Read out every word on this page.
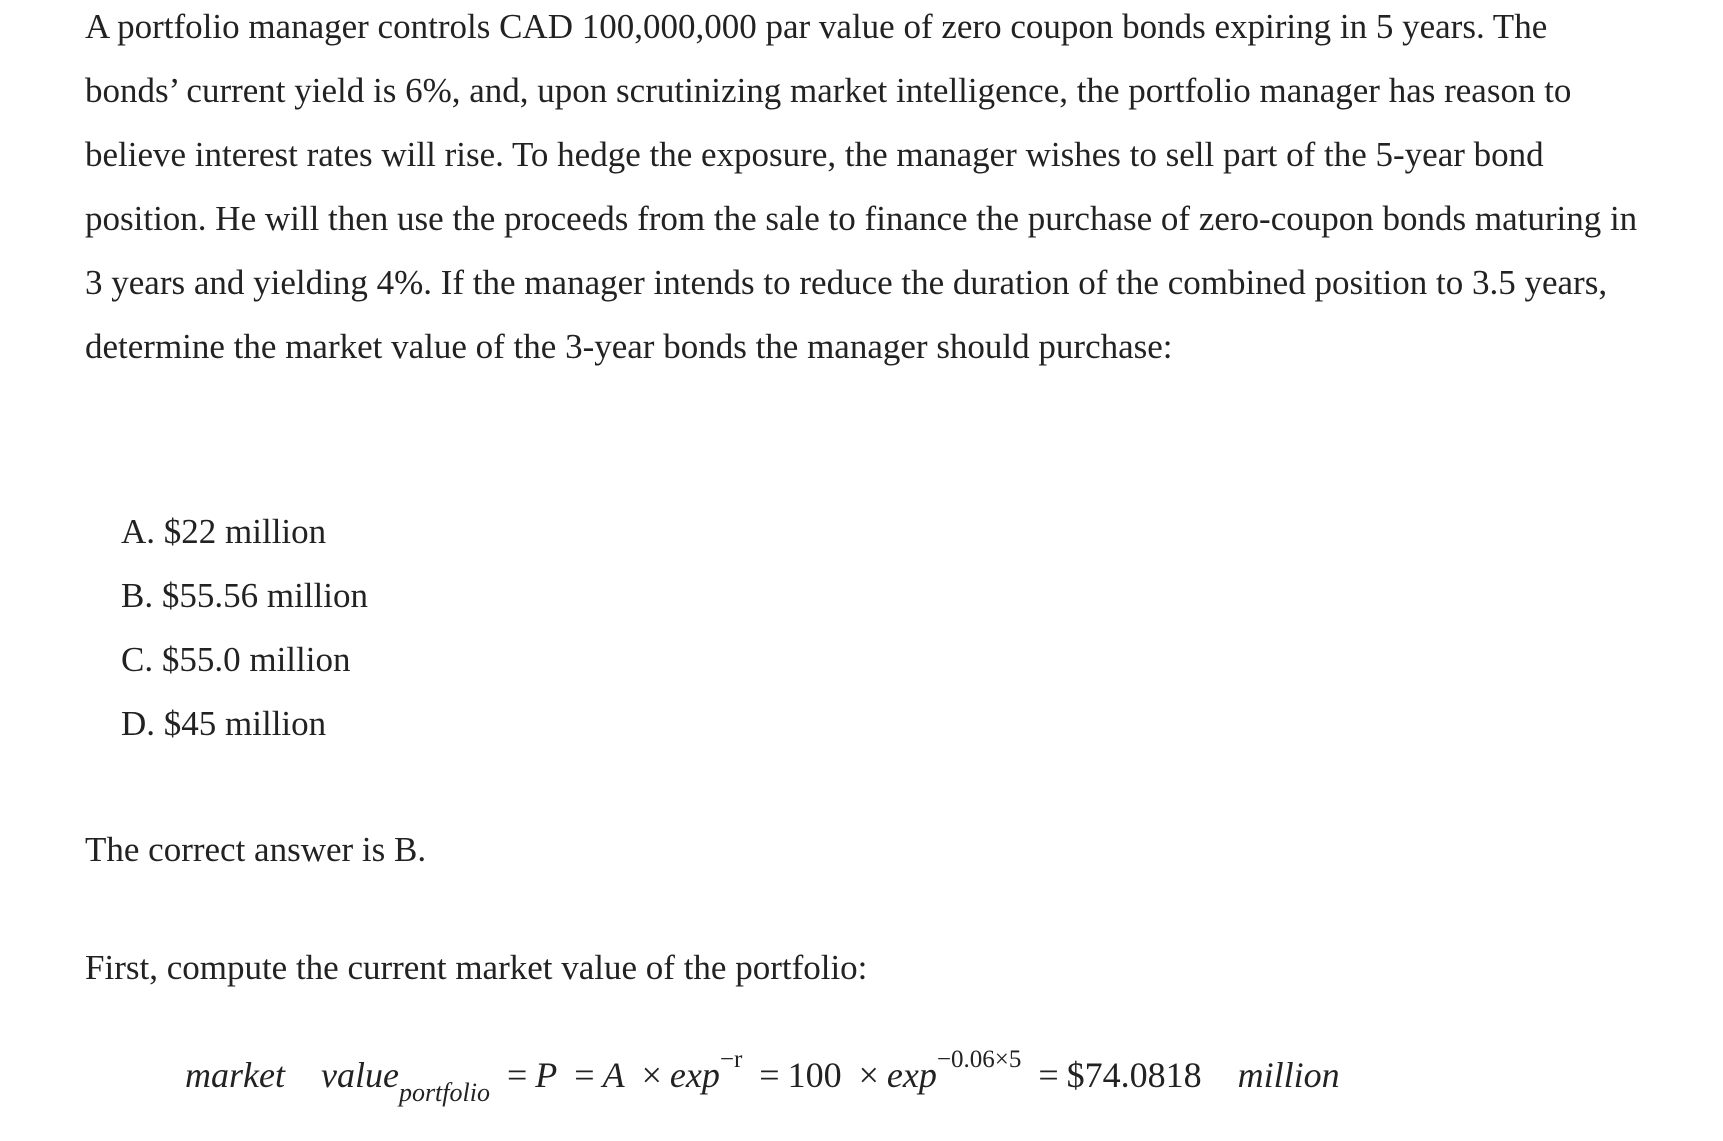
A portfolio manager controls CAD 100,000,000 par value of zero coupon bonds expiring in 5 years. The bonds’ current yield is 6%, and, upon scrutinizing market intelligence, the portfolio manager has reason to believe interest rates will rise. To hedge the exposure, the manager wishes to sell part of the 5-year bond position. He will then use the proceeds from the sale to finance the purchase of zero-coupon bonds maturing in 3 years and yielding 4%. If the manager intends to reduce the duration of the combined position to 3.5 years, determine the market value of the 3-year bonds the manager should purchase:

A. $22 million
B. $55.56 million
C. $55.0 million
D. $45 million

The correct answer is B.

First, compute the current market value of the portfolio:

market value$_{portfolio}$ = $P = A \times \exp^{-r} = 100 \times \exp^{-0.06\times 5}$ = $74.0818 million
